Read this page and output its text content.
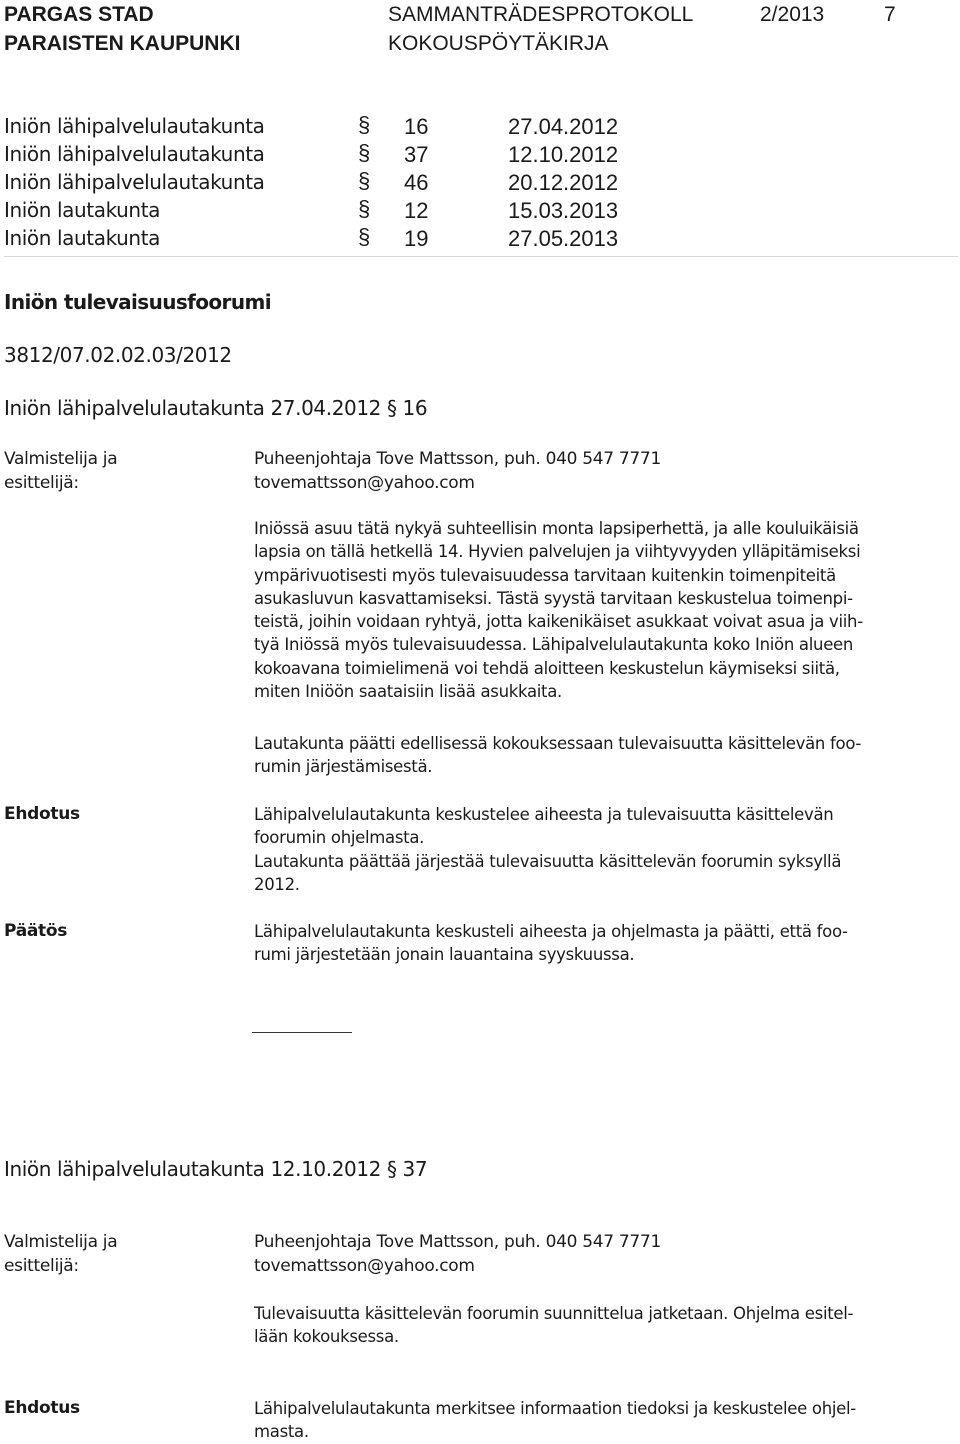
PARGAS STAD
PARAISTEN KAUPUNKI
SAMMANTRÄDESPROTOKOLL
KOKOUSPÖYTÄKIRJA
2/2013	7
Iniön lähipalvelulautakunta	§ 16	27.04.2012
Iniön lähipalvelulautakunta	§ 37	12.10.2012
Iniön lähipalvelulautakunta	§ 46	20.12.2012
Iniön lautakunta	§ 12	15.03.2013
Iniön lautakunta	§ 19	27.05.2013
Iniön tulevaisuusfoorumi
3812/07.02.02.03/2012
Iniön lähipalvelulautakunta 27.04.2012 § 16
Valmistelija ja
esittelijä:
Puheenjohtaja Tove Mattsson, puh. 040 547 7771
tovemattsson@yahoo.com
Iniössä asuu tätä nykyä suhteellisin monta lapsiperhettä, ja alle kouluikäisiä
lapsia on tällä hetkellä 14. Hyvien palvelujen ja viihtyvyyden ylläpitämiseksi
ympärivuotisesti myös tulevaisuudessa tarvitaan kuitenkin toimenpiteitä
asukasluvun kasvattamiseksi. Tästä syystä tarvitaan keskustelua toimenpi-
teistä, joihin voidaan ryhtyä, jotta kaikenikäiset asukkaat voivat asua ja viih-
tyä Iniössä myös tulevaisuudessa. Lähipalvelulautakunta koko Iniön alueen
kokoavana toimielimenä voi tehdä aloitteen keskustelun käymiseksi siitä,
miten Iniöön saataisiin lisää asukkaita.
Lautakunta päätti edellisessä kokouksessaan tulevaisuutta käsittelevän foo-
rumin järjestämisestä.
Ehdotus	Lähipalvelulautakunta keskustelee aiheesta ja tulevaisuutta käsittelevän
foorumin ohjelmasta.
Lautakunta päättää järjestää tulevaisuutta käsittelevän foorumin syksyllä
2012.
Päätös	Lähipalvelulautakunta keskusteli aiheesta ja ohjelmasta ja päätti, että foo-
rumi järjestetään jonain lauantaina syyskuussa.
Iniön lähipalvelulautakunta 12.10.2012 § 37
Valmistelija ja
esittelijä:
Puheenjohtaja Tove Mattsson, puh. 040 547 7771
tovemattsson@yahoo.com
Tulevaisuutta käsittelevän foorumin suunnittelua jatketaan. Ohjelma esitel-
lään kokouksessa.
Ehdotus	Lähipalvelulautakunta merkitsee informaation tiedoksi ja keskustelee ohjel-
masta.
